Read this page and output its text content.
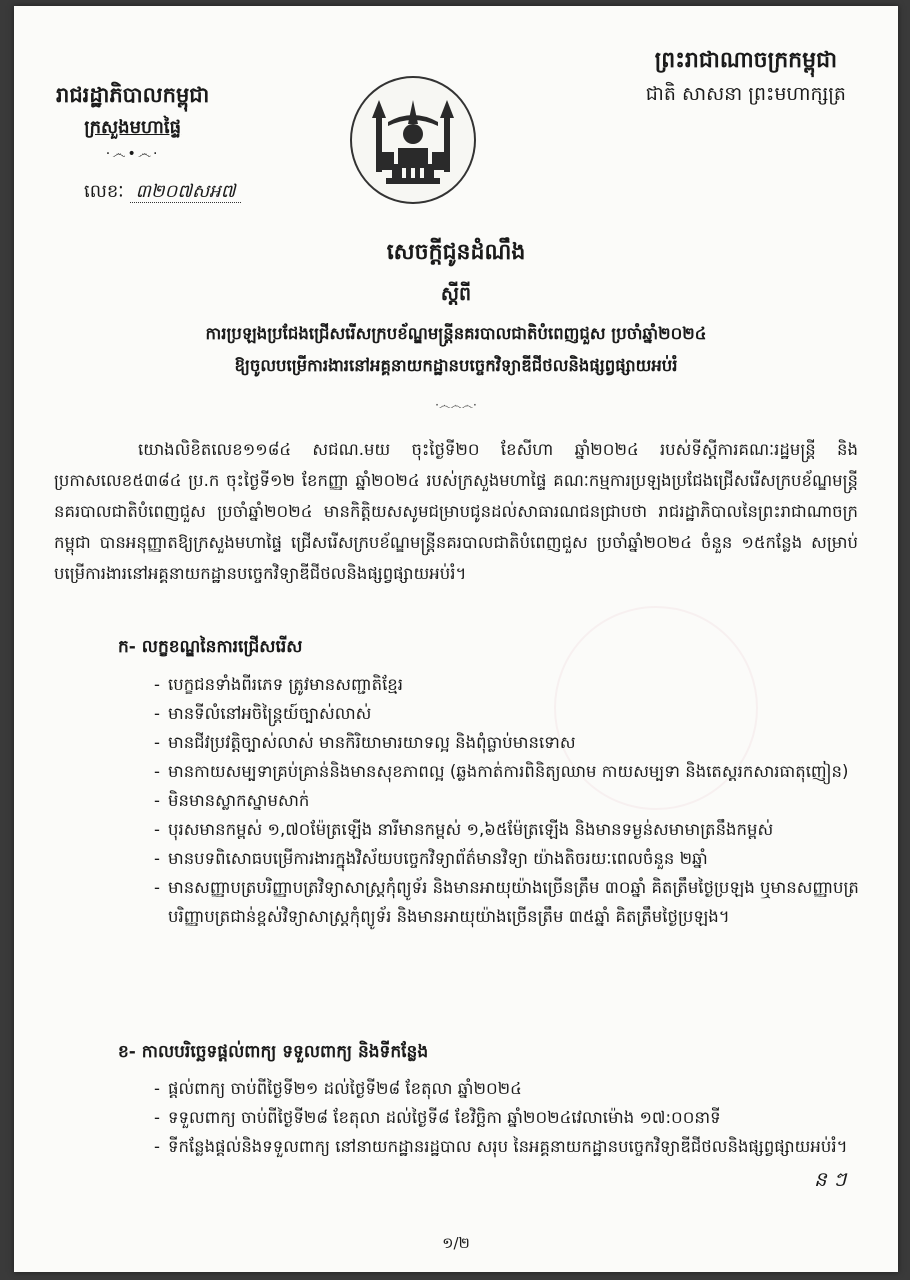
ព្រះរាជាណាចក្រកម្ពុជា
ជាតិ សាសនា ព្រះមហាក្សត្រ
រាជរដ្ឋាភិបាលកម្ពុជា
ក្រសួងមហាផ្ទៃ
·෴•෴·
លេខៈ ៣២០៧សអ៧
សេចក្តីជូនដំណឹង
ស្តីពី
ការប្រឡងប្រជែងជ្រើសរើសក្របខ័ណ្ឌមន្ត្រីនគរបាលជាតិបំពេញជួស ប្រចាំឆ្នាំ២០២៤
ឱ្យចូលបម្រើការងារនៅអគ្គនាយកដ្ឋានបច្ចេកវិទ្យាឌីជីថលនិងផ្សព្វផ្សាយអប់រំ
·෴෴෴·
យោងលិខិតលេខ១១៨៤ សជណ.មយ ចុះថ្ងៃទី២០ ខែសីហា ឆ្នាំ២០២៤ របស់ទីស្តីការគណៈរដ្ឋមន្ត្រី និងប្រកាសលេខ៥៣៨៤ ប្រ.ក ចុះថ្ងៃទី១២ ខែកញ្ញា ឆ្នាំ២០២៤ របស់ក្រសួងមហាផ្ទៃ គណៈកម្មការប្រឡងប្រជែងជ្រើសរើសក្របខ័ណ្ឌមន្ត្រីនគរបាលជាតិបំពេញជួស ប្រចាំឆ្នាំ២០២៤ មានកិត្តិយសសូមជម្រាបជូនដល់សាធារណជនជ្រាបថា រាជរដ្ឋាភិបាលនៃព្រះរាជាណាចក្រកម្ពុជា បានអនុញ្ញាតឱ្យក្រសួងមហាផ្ទៃ ជ្រើសរើសក្របខ័ណ្ឌមន្ត្រីនគរបាលជាតិបំពេញជួស ប្រចាំឆ្នាំ២០២៤ ចំនួន ១៥កន្លែង សម្រាប់បម្រើការងារនៅអគ្គនាយកដ្ឋានបច្ចេកវិទ្យាឌីជីថលនិងផ្សព្វផ្សាយអប់រំ។
ក- លក្ខខណ្ឌនៃការជ្រើសរើស
- បេក្ខជនទាំងពីរភេទ ត្រូវមានសញ្ជាតិខ្មែរ
- មានទីលំនៅអចិន្ត្រៃយ៍ច្បាស់លាស់
- មានជីវប្រវត្តិច្បាស់លាស់ មានកិរិយាមារយាទល្អ និងពុំធ្លាប់មានទោស
- មានកាយសម្បទាគ្រប់គ្រាន់និងមានសុខភាពល្អ (ឆ្លងកាត់ការពិនិត្យឈាម កាយសម្បទា និងតេស្តរកសារធាតុញៀន)
- មិនមានស្លាកស្នាមសាក់
- បុរសមានកម្ពស់ ១,៧០ម៉ែត្រឡើង នារីមានកម្ពស់ ១,៦៥ម៉ែត្រឡើង និងមានទម្ងន់សមាមាត្រនឹងកម្ពស់
- មានបទពិសោធបម្រើការងារក្នុងវិស័យបច្ចេកវិទ្យាព័ត៌មានវិទ្យា យ៉ាងតិចរយៈពេលចំនួន ២ឆ្នាំ
- មានសញ្ញាបត្របរិញ្ញាបត្រវិទ្យាសាស្ត្រកុំព្យូទ័រ និងមានអាយុយ៉ាងច្រើនត្រឹម ៣០ឆ្នាំ គិតត្រឹមថ្ងៃប្រឡង ឬមានសញ្ញាបត្របរិញ្ញាបត្រជាន់ខ្ពស់វិទ្យាសាស្ត្រកុំព្យូទ័រ និងមានអាយុយ៉ាងច្រើនត្រឹម ៣៥ឆ្នាំ គិតត្រឹមថ្ងៃប្រឡង។
ខ- កាលបរិច្ឆេទផ្តល់ពាក្យ ទទួលពាក្យ និងទីកន្លែង
- ផ្តល់ពាក្យ ចាប់ពីថ្ងៃទី២១ ដល់ថ្ងៃទី២៨ ខែតុលា ឆ្នាំ២០២៤
- ទទួលពាក្យ ចាប់ពីថ្ងៃទី២៨ ខែតុលា ដល់ថ្ងៃទី៨ ខែវិច្ឆិកា ឆ្នាំ២០២៤វេលាម៉ោង ១៧:០០នាទី
- ទីកន្លែងផ្តល់និងទទួលពាក្យ នៅនាយកដ្ឋានរដ្ឋបាល សរុប នៃអគ្គនាយកដ្ឋានបច្ចេកវិទ្យាឌីជីថលនិងផ្សព្វផ្សាយអប់រំ។
ន ៗ
១/២
